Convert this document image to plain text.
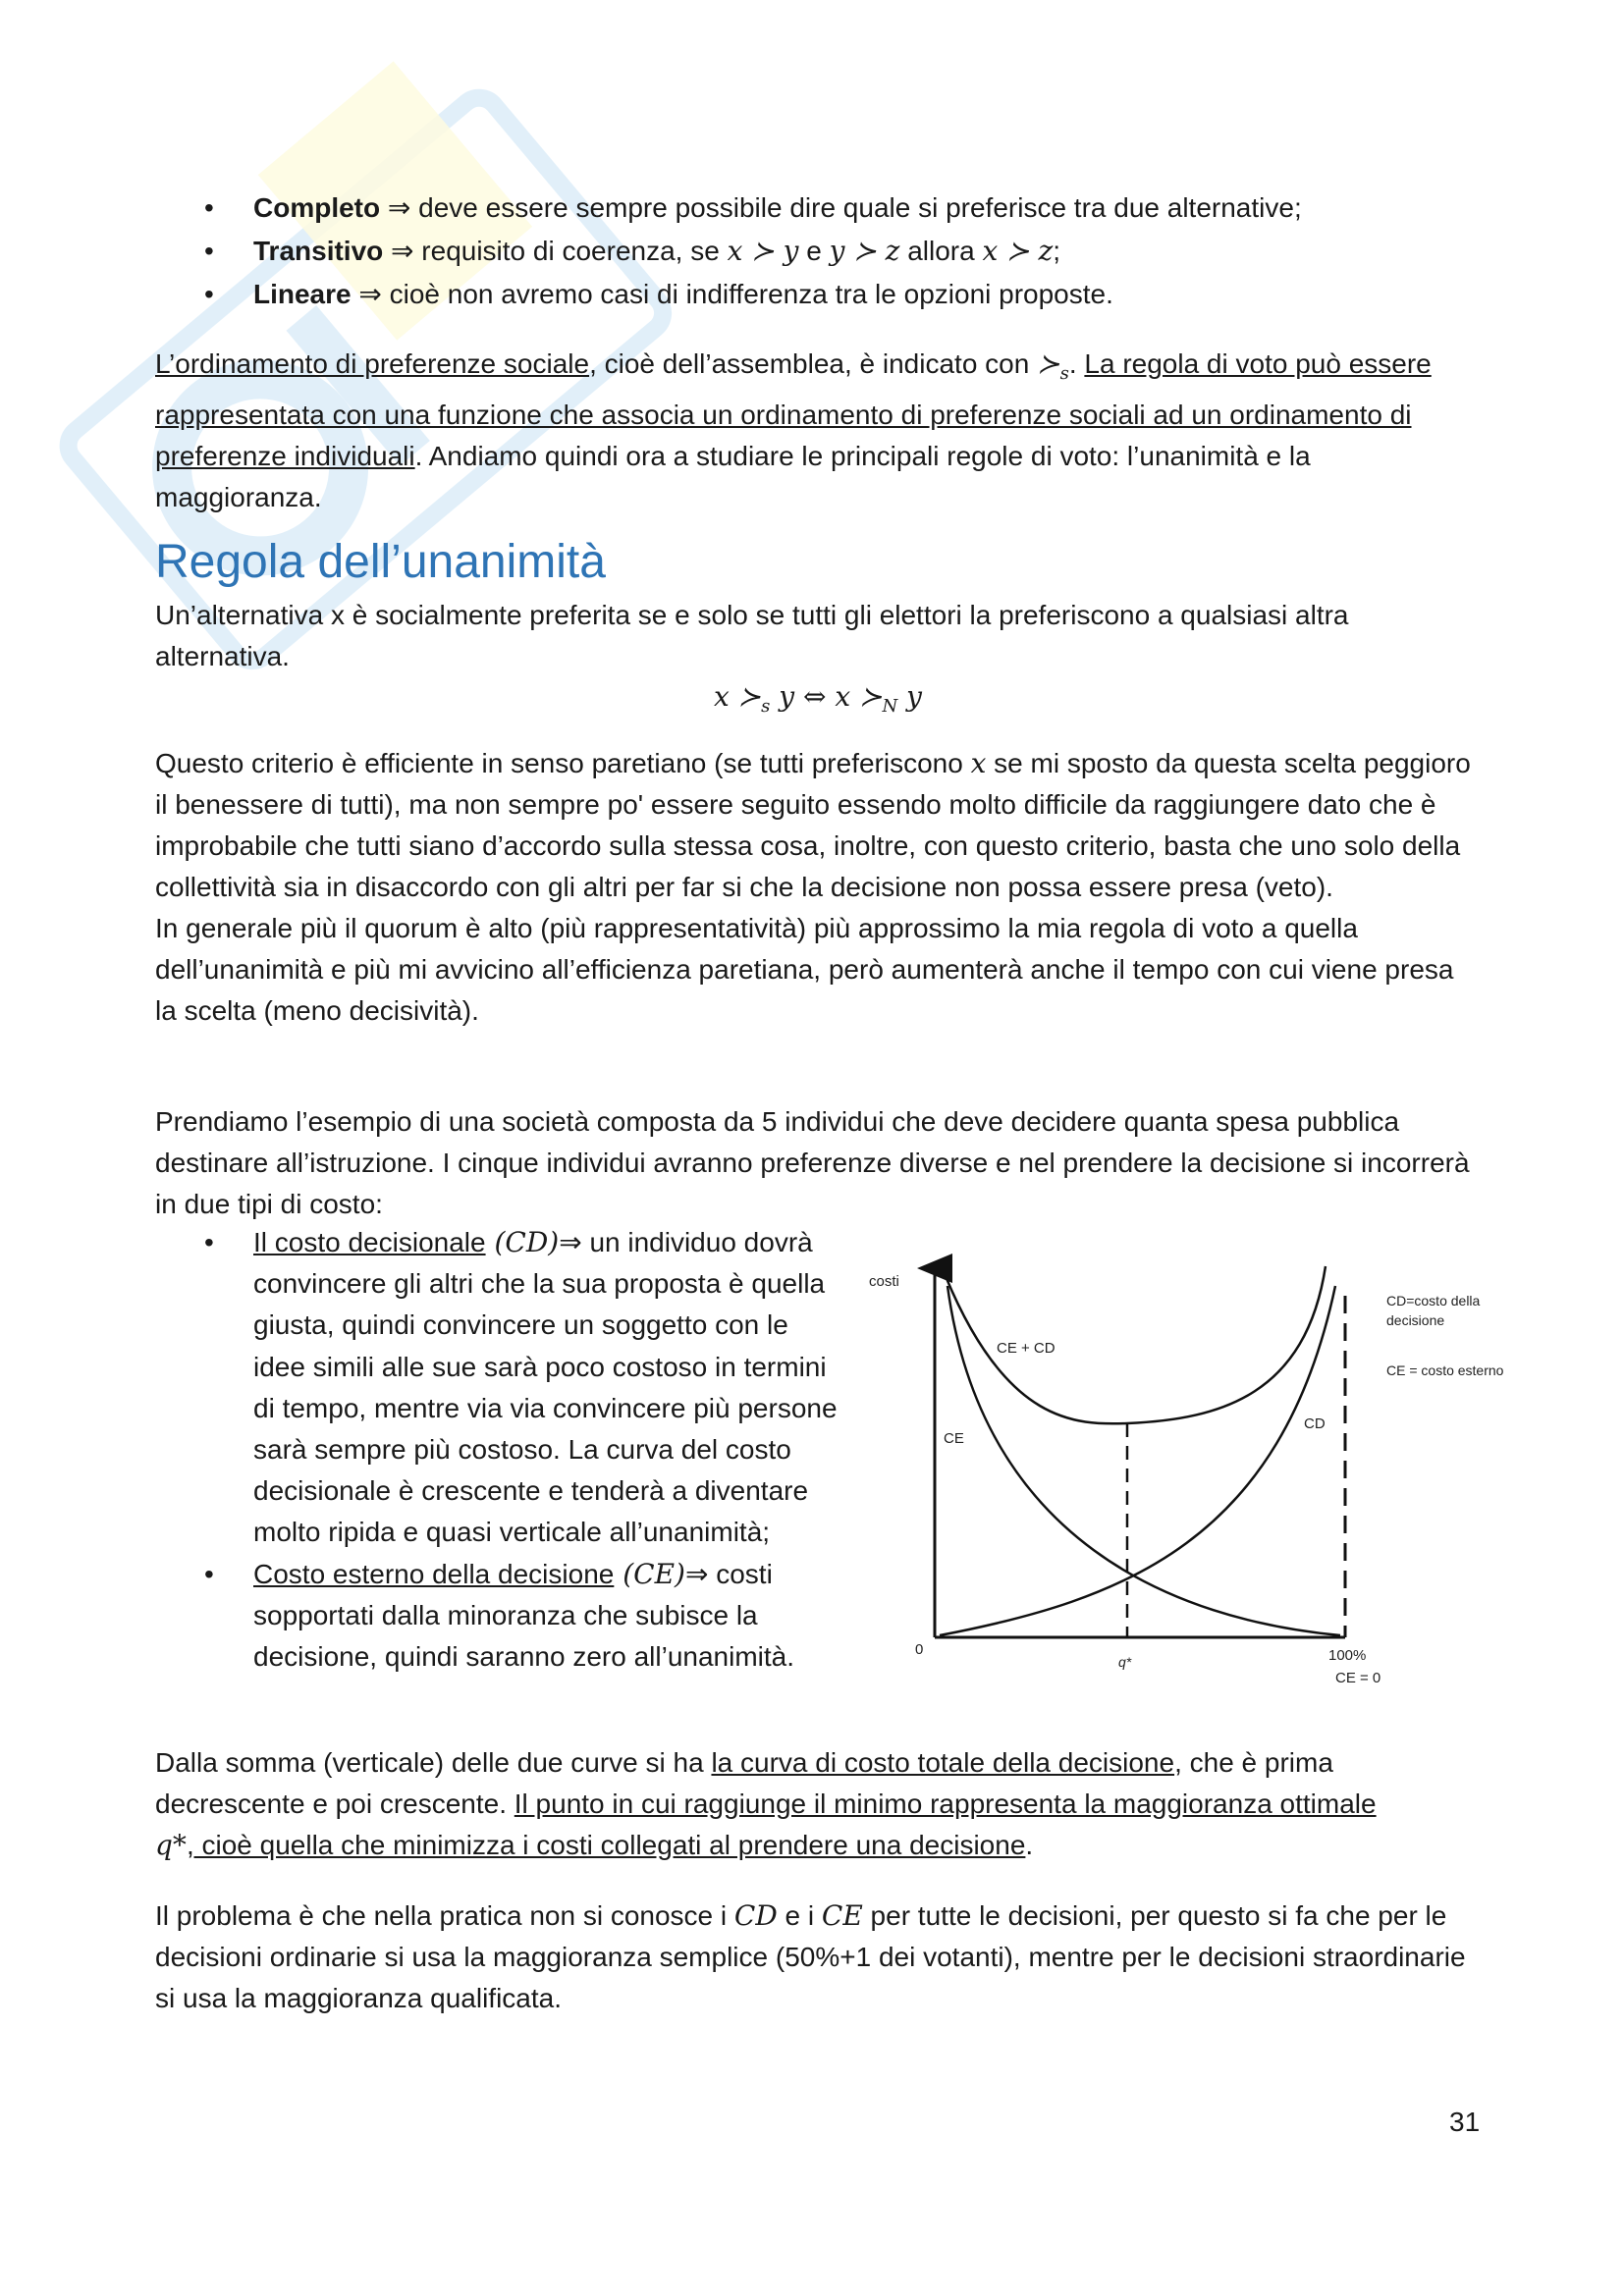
• Completo ⇒ deve essere sempre possibile dire quale si preferisce tra due alternative;
• Transitivo ⇒ requisito di coerenza, se x ≻ y e y ≻ z allora x ≻ z;
• Lineare ⇒ cioè non avremo casi di indifferenza tra le opzioni proposte.

L’ordinamento di preferenze sociale, cioè dell’assemblea, è indicato con $≻_s$. La regola di voto può essere rappresentata con una funzione che associa un ordinamento di preferenze sociali ad un ordinamento di preferenze individuali. Andiamo quindi ora a studiare le principali regole di voto: l’unanimità e la maggioranza.

Regola dell’unanimità

Un’alternativa x è socialmente preferita se e solo se tutti gli elettori la preferiscono a qualsiasi altra alternativa.

x $≻_s$ y ⇔ x $≻_N$ y

Questo criterio è efficiente in senso paretiano (se tutti preferiscono x se mi sposto da questa scelta peggioro il benessere di tutti), ma non sempre po' essere seguito essendo molto difficile da raggiungere dato che è improbabile che tutti siano d’accordo sulla stessa cosa, inoltre, con questo criterio, basta che uno solo della collettività sia in disaccordo con gli altri per far si che la decisione non possa essere presa (veto).

In generale più il quorum è alto (più rappresentatività) più approssimo la mia regola di voto a quella dell’unanimità e più mi avvicino all’efficienza paretiana, però aumenterà anche il tempo con cui viene presa la scelta (meno decisività).

Prendiamo l’esempio di una società composta da 5 individui che deve decidere quanta spesa pubblica destinare all’istruzione. I cinque individui avranno preferenze diverse e nel prendere la decisione si incorrerà in due tipi di costo:

• Il costo decisionale (CD)⇒ un individuo dovrà convincere gli altri che la sua proposta è quella giusta, quindi convincere un soggetto con le idee simili alle sue sarà poco costoso in termini di tempo, mentre via via convincere più persone sarà sempre più costoso. La curva del costo decisionale è crescente e tenderà a diventare molto ripida e quasi verticale all’unanimità;
• Costo esterno della decisione (CE)⇒ costi sopportati dalla minoranza che subisce la decisione, quindi saranno zero all’unanimità.

Dalla somma (verticale) delle due curve si ha la curva di costo totale della decisione, che è prima decrescente e poi crescente. Il punto in cui raggiunge il minimo rappresenta la maggioranza ottimale
q*, cioè quella che minimizza i costi collegati al prendere una decisione.

Il problema è che nella pratica non si conosce i CD e i CE per tutte le decisioni, per questo si fa che per le decisioni ordinarie si usa la maggioranza semplice (50%+1 dei votanti), mentre per le decisioni straordinarie si usa la maggioranza qualificata.

31
costi
CE + CD
CE
CD
0
q*	100%
CE = 0
CD=costo della
decisione
CE = costo esterno
